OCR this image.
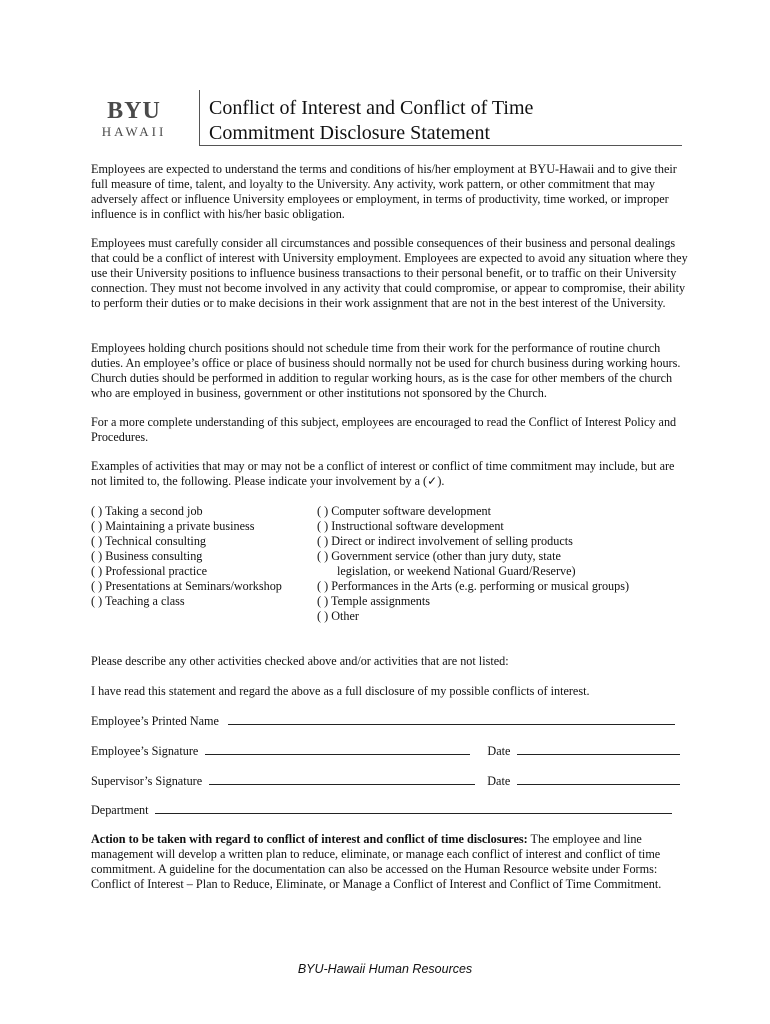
BYU
HAWAII
Conflict of Interest and Conflict of Time
Commitment Disclosure Statement

Employees are expected to understand the terms and conditions of his/her employment at BYU-Hawaii and to give their full measure of time, talent, and loyalty to the University. Any activity, work pattern, or other commitment that may adversely affect or influence University employees or employment, in terms of productivity, time worked, or improper influence is in conflict with his/her basic obligation.

Employees must carefully consider all circumstances and possible consequences of their business and personal dealings that could be a conflict of interest with University employment. Employees are expected to avoid any situation where they use their University positions to influence business transactions to their personal benefit, or to traffic on their University connection. They must not become involved in any activity that could compromise, or appear to compromise, their ability to perform their duties or to make decisions in their work assignment that are not in the best interest of the University.

Employees holding church positions should not schedule time from their work for the performance of routine church duties. An employee’s office or place of business should normally not be used for church business during working hours. Church duties should be performed in addition to regular working hours, as is the case for other members of the church who are employed in business, government or other institutions not sponsored by the Church.

For a more complete understanding of this subject, employees are encouraged to read the Conflict of Interest Policy and Procedures.

Examples of activities that may or may not be a conflict of interest or conflict of time commitment may include, but are not limited to, the following. Please indicate your involvement by a (✓).

( ) Taking a second job
( ) Maintaining a private business
( ) Technical consulting
( ) Business consulting
( ) Professional practice
( ) Presentations at Seminars/workshop
( ) Teaching a class
( ) Computer software development
( ) Instructional software development
( ) Direct or indirect involvement of selling products
( ) Government service (other than jury duty, state
legislation, or weekend National Guard/Reserve)
( ) Performances in the Arts (e.g. performing or musical groups)
( ) Temple assignments
( ) Other
Please describe any other activities checked above and/or activities that are not listed:
I have read this statement and regard the above as a full disclosure of my possible conflicts of interest.
Employee’s Printed Name
Employee’s Signature	Date
Supervisor’s Signature	Date
Department

Action to be taken with regard to conflict of interest and conflict of time disclosures: The employee and line management will develop a written plan to reduce, eliminate, or manage each conflict of interest and conflict of time commitment. A guideline for the documentation can also be accessed on the Human Resource website under Forms: Conflict of Interest – Plan to Reduce, Eliminate, or Manage a Conflict of Interest and Conflict of Time Commitment.

BYU-Hawaii Human Resources
